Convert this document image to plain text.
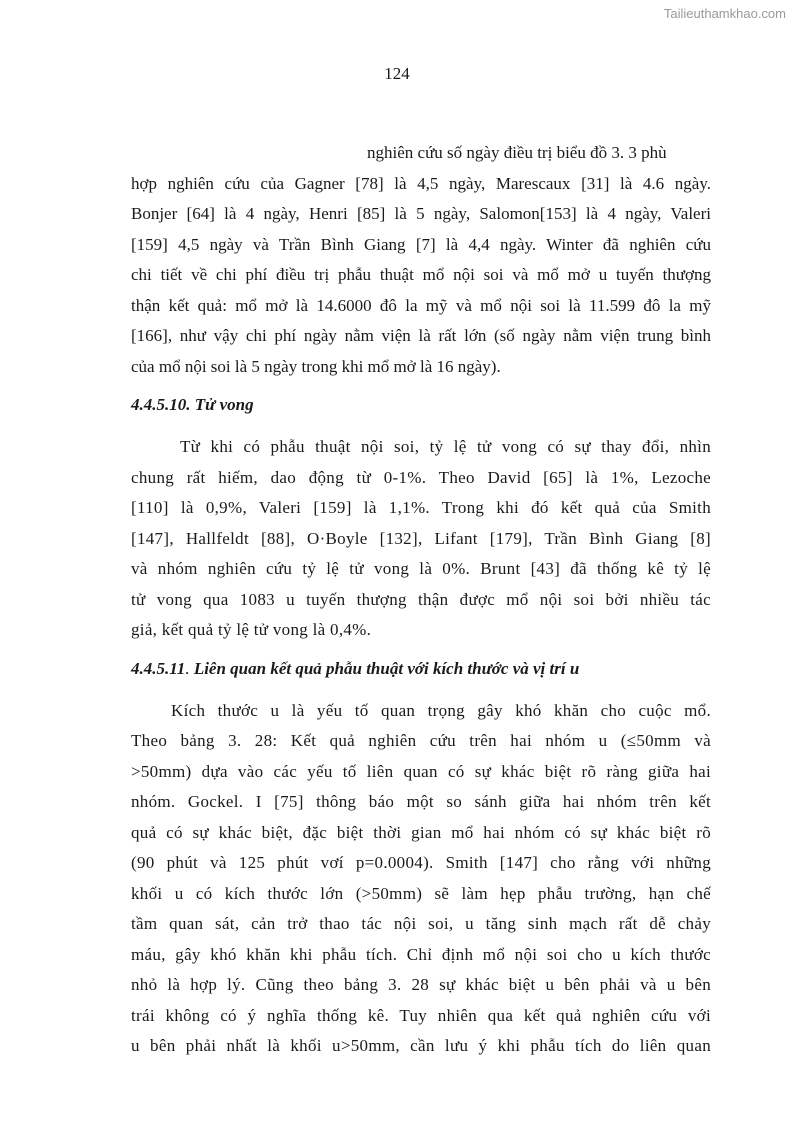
Tailieuthamkhao.com
124
nghiên cứu số ngày điều trị biểu đồ 3. 3 phù
hợp nghiên cứu của Gagner [78] là 4,5 ngày, Marescaux [31] là 4.6 ngày.
Bonjer [64] là 4 ngày, Henri [85] là 5 ngày, Salomon[153] là 4 ngày, Valeri
[159] 4,5 ngày và Trần Bình Giang [7] là 4,4 ngày. Winter đã nghiên cứu
chi tiết về chi phí điều trị phẫu thuật mổ nội soi và mổ mở u tuyến thượng
thận kết quả: mổ mở là 14.6000 đô la mỹ và mổ nội soi là 11.599 đô la mỹ
[166], như vậy chi phí ngày nằm viện là rất lớn (số ngày nằm viện trung bình
của mổ nội soi là 5 ngày trong khi mổ mở là 16 ngày).
4.4.5.10. Tử vong
Từ khi có phẫu thuật nội soi, tỷ lệ tử vong có sự thay đổi, nhìn
chung rất hiếm, dao động từ 0-1%. Theo David [65] là 1%, Lezoche
[110] là 0,9%, Valeri [159] là 1,1%. Trong khi đó kết quả của Smith
[147], Hallfeldt [88], O·Boyle [132], Lifant [179], Trần Bình Giang [8]
và nhóm nghiên cứu tỷ lệ tử vong là 0%. Brunt [43] đã thống kê tỷ lệ
tử vong qua 1083 u tuyến thượng thận được mổ nội soi bởi nhiều tác
giả, kết quả tỷ lệ tử vong là 0,4%.
4.4.5.11. Liên quan kết quả phẫu thuật với kích thước và vị trí u
Kích thước u là yếu tố quan trọng gây khó khăn cho cuộc mổ.
Theo bảng 3. 28: Kết quả nghiên cứu trên hai nhóm u (≤50mm và
>50mm) dựa vào các yếu tố liên quan có sự khác biệt rõ ràng giữa hai
nhóm. Gockel. I [75] thông báo một so sánh giữa hai nhóm trên kết
quả có sự khác biệt, đặc biệt thời gian mổ hai nhóm có sự khác biệt rõ
(90 phút và 125 phút vơí p=0.0004). Smith [147] cho rằng với những
khối u có kích thước lớn (>50mm) sẽ làm hẹp phẫu trường, hạn chế
tầm quan sát, cản trở thao tác nội soi, u tăng sinh mạch rất dễ chảy
máu, gây khó khăn khi phẫu tích. Chỉ định mổ nội soi cho u kích thước
nhỏ là hợp lý. Cũng theo bảng 3. 28 sự khác biệt u bên phải và u bên
trái không có ý nghĩa thống kê. Tuy nhiên qua kết quả nghiên cứu với
u bên phải nhất là khối u>50mm, cần lưu ý khi phẫu tích do liên quan
